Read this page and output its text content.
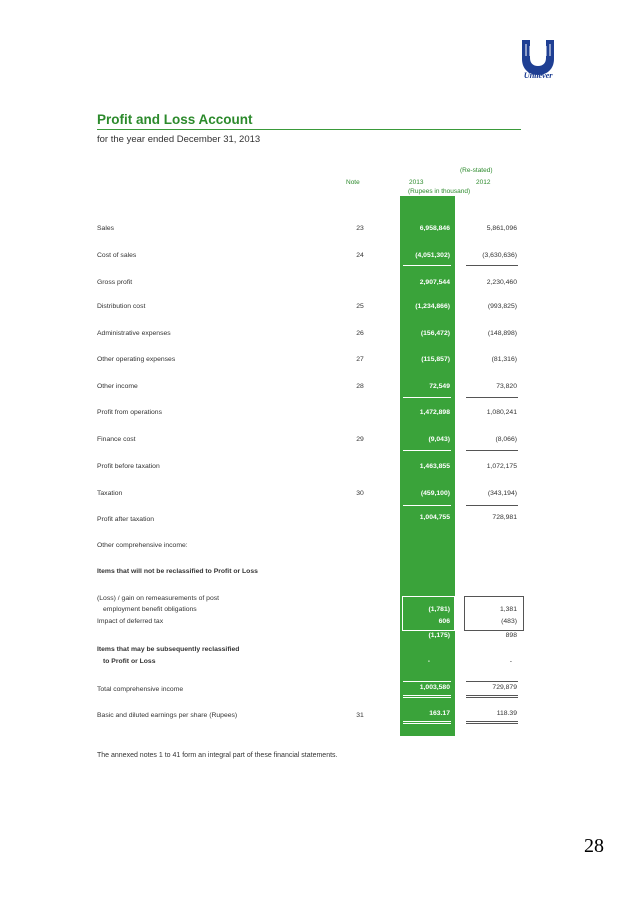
Unilever
Profit and Loss Account
for the year ended December 31, 2013
Note
(Re-stated)
2013	2012
(Rupees in thousand)
Sales	23	6,958,846	5,861,096
Cost of sales	24	(4,051,302)	(3,630,636)
Gross profit	2,907,544	2,230,460
Distribution cost	25	(1,234,866)	(993,825)
Administrative expenses	26	(156,472)	(148,898)
Other operating expenses	27	(115,857)	(81,316)
Other income	28	72,549	73,820
Profit from operations	1,472,898	1,080,241
Finance cost	29	(9,043)	(8,066)
Profit before taxation	1,463,855	1,072,175
Taxation	30	(459,100)	(343,194)
Profit after taxation	1,004,755	728,981
Other comprehensive income:
Items that will not be reclassified to Profit or Loss
(Loss) / gain on remeasurements of post
employment benefit obligations	(1,781)	1,381
Impact of deferred tax	606	(483)
(1,175)	898
Items that may be subsequently reclassified
to Profit or Loss	-	-
Total comprehensive income	1,003,580	729,879
Basic and diluted earnings per share (Rupees)	31	163.17	118.39
The annexed notes 1 to 41 form an integral part of these financial statements.
28
